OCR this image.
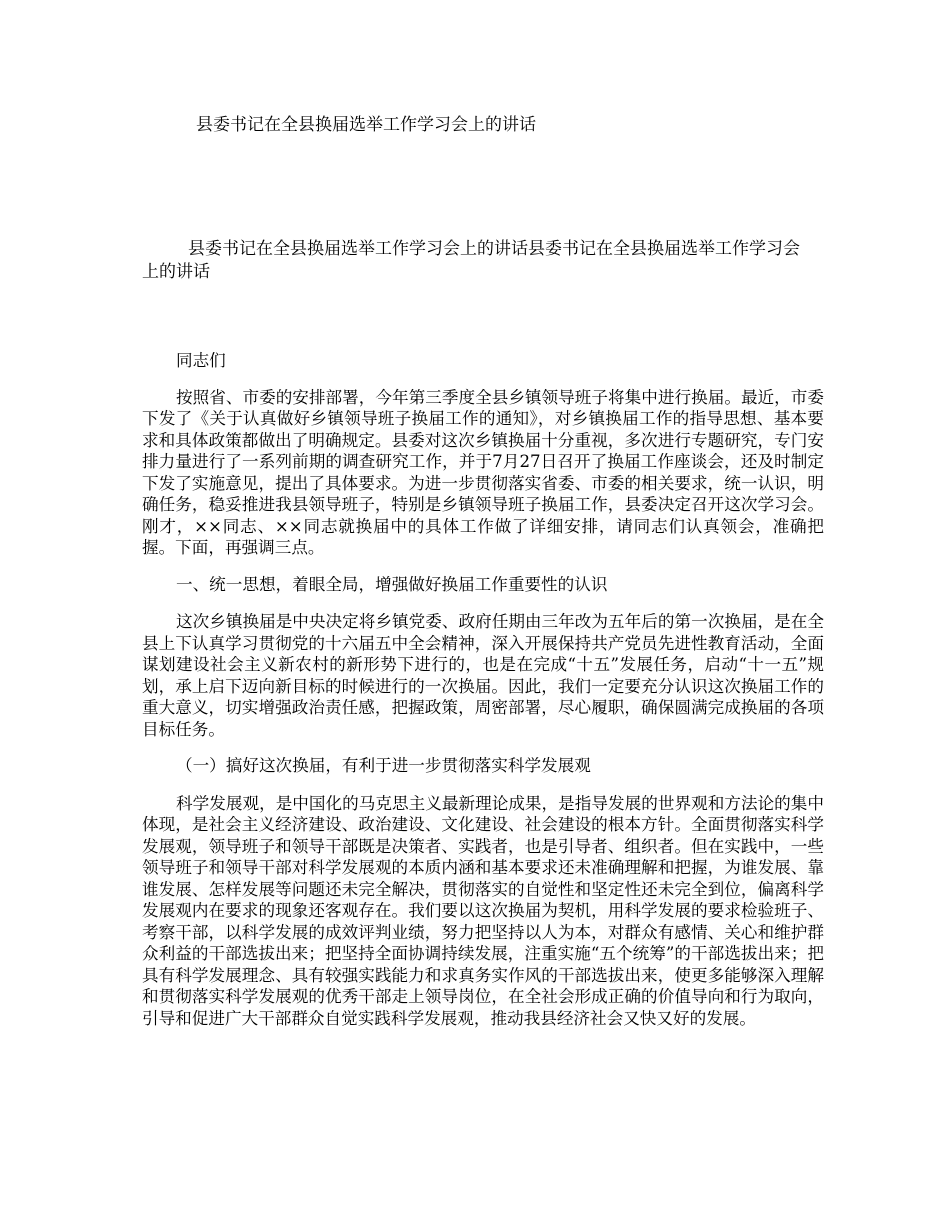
县委书记在全县换届选举工作学习会上的讲话
县委书记在全县换届选举工作学习会上的讲话县委书记在全县换届选举工作学习会上的讲话

同志们

按照省、市委的安排部署，今年第三季度全县乡镇领导班子将集中进行换届。最近，市委下发了《关于认真做好乡镇领导班子换届工作的通知》，对乡镇换届工作的指导思想、基本要求和具体政策都做出了明确规定。县委对这次乡镇换届十分重视，多次进行专题研究，专门安排力量进行了一系列前期的调查研究工作，并于7月27日召开了换届工作座谈会，还及时制定下发了实施意见，提出了具体要求。为进一步贯彻落实省委、市委的相关要求，统一认识，明确任务，稳妥推进我县领导班子，特别是乡镇领导班子换届工作，县委决定召开这次学习会。刚才，××同志、××同志就换届中的具体工作做了详细安排，请同志们认真领会，准确把握。下面，再强调三点。

一、统一思想，着眼全局，增强做好换届工作重要性的认识

这次乡镇换届是中央决定将乡镇党委、政府任期由三年改为五年后的第一次换届，是在全县上下认真学习贯彻党的十六届五中全会精神，深入开展保持共产党员先进性教育活动，全面谋划建设社会主义新农村的新形势下进行的，也是在完成“十五”发展任务，启动“十一五”规划，承上启下迈向新目标的时候进行的一次换届。因此，我们一定要充分认识这次换届工作的重大意义，切实增强政治责任感，把握政策，周密部署，尽心履职，确保圆满完成换届的各项目标任务。

（一）搞好这次换届，有利于进一步贯彻落实科学发展观

科学发展观，是中国化的马克思主义最新理论成果，是指导发展的世界观和方法论的集中体现，是社会主义经济建设、政治建设、文化建设、社会建设的根本方针。全面贯彻落实科学发展观，领导班子和领导干部既是决策者、实践者，也是引导者、组织者。但在实践中，一些领导班子和领导干部对科学发展观的本质内涵和基本要求还未准确理解和把握，为谁发展、靠谁发展、怎样发展等问题还未完全解决，贯彻落实的自觉性和坚定性还未完全到位，偏离科学发展观内在要求的现象还客观存在。我们要以这次换届为契机，用科学发展的要求检验班子、考察干部，以科学发展的成效评判业绩，努力把坚持以人为本，对群众有感情、关心和维护群众利益的干部选拔出来；把坚持全面协调持续发展，注重实施“五个统筹”的干部选拔出来；把具有科学发展理念、具有较强实践能力和求真务实作风的干部选拔出来，使更多能够深入理解和贯彻落实科学发展观的优秀干部走上领导岗位，在全社会形成正确的价值导向和行为取向，引导和促进广大干部群众自觉实践科学发展观，推动我县经济社会又快又好的发展。
